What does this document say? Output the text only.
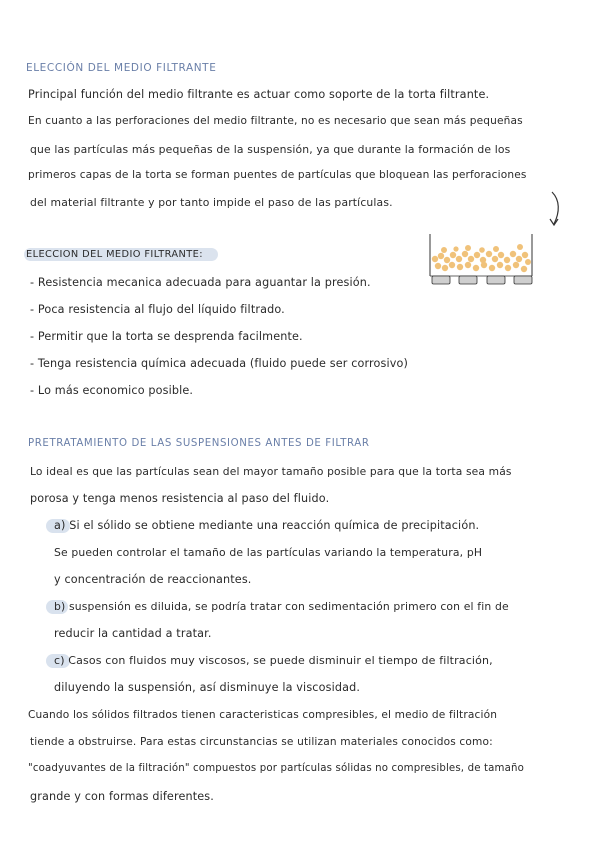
ELECCIÓN DEL MEDIO FILTRANTE
Principal función del medio filtrante es actuar como soporte de la torta filtrante.
En cuanto a las perforaciones del medio filtrante, no es necesario que sean más pequeñas
que las partículas más pequeñas de la suspensión, ya que durante la formación de los
primeros capas de la torta se forman puentes de partículas que bloquean las perforaciones
del material filtrante y por tanto impide el paso de las partículas.
ELECCION DEL MEDIO FILTRANTE:
- Resistencia mecanica adecuada para aguantar la presión.
- Poca resistencia al flujo del líquido filtrado.
- Permitir que la torta se desprenda facilmente.
- Tenga resistencia química adecuada (fluido puede ser corrosivo)
- Lo más economico posible.
PRETRATAMIENTO DE LAS SUSPENSIONES ANTES DE FILTRAR
Lo ideal es que las partículas sean del mayor tamaño posible para que la torta sea más
porosa y tenga menos resistencia al paso del fluido.
a) Si el sólido se obtiene mediante una reacción química de precipitación.
Se pueden controlar el tamaño de las partículas variando la temperatura, pH
y concentración de reaccionantes.
b) suspensión es diluida, se podría tratar con sedimentación primero con el fin de
reducir la cantidad a tratar.
c) Casos con fluidos muy viscosos, se puede disminuir el tiempo de filtración,
diluyendo la suspensión, así disminuye la viscosidad.
Cuando los sólidos filtrados tienen caracteristicas compresibles, el medio de filtración
tiende a obstruirse. Para estas circunstancias se utilizan materiales conocidos como:
"coadyuvantes de la filtración" compuestos por partículas sólidas no compresibles, de tamaño
grande y con formas diferentes.
